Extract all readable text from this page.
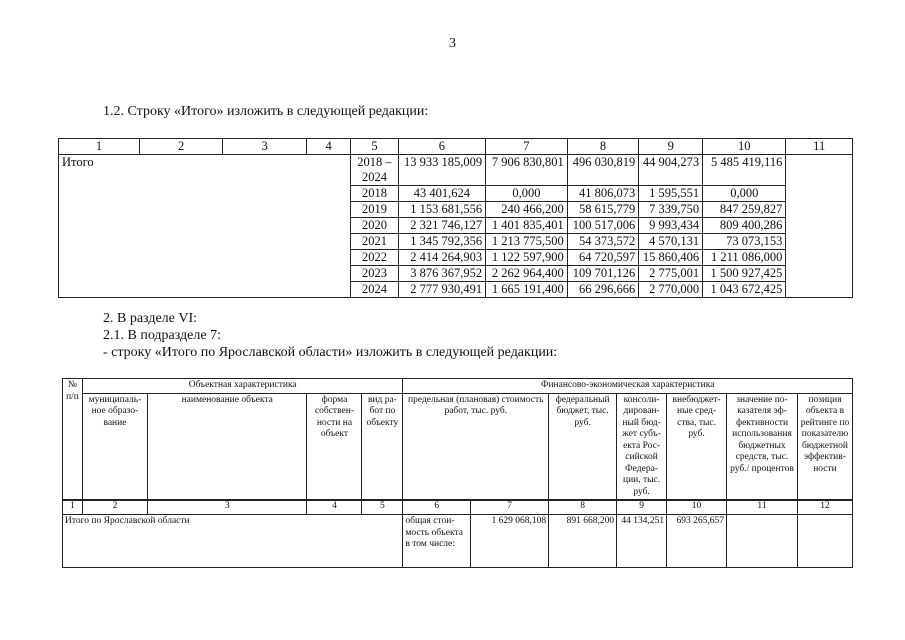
3
1.2. Строку «Итого» изложить в следующей редакции:
1	2	3	4	5	6	7	8	9	10	11
Итого				2018 – 2024	13 933 185,009	7 906 830,801	496 030,819	44 904,273	5 485 419,116	
				2018	43 401,624	0,000	41 806,073	1 595,551	0,000	
				2019	1 153 681,556	240 466,200	58 615,779	7 339,750	847 259,827	
				2020	2 321 746,127	1 401 835,401	100 517,006	9 993,434	809 400,286	
				2021	1 345 792,356	1 213 775,500	54 373,572	4 570,131	73 073,153	
				2022	2 414 264,903	1 122 597,900	64 720,597	15 860,406	1 211 086,000	
				2023	3 876 367,952	2 262 964,400	109 701,126	2 775,001	1 500 927,425	
				2024	2 777 930,491	1 665 191,400	66 296,666	2 770,000	1 043 672,425	
2. В разделе VI:
2.1. В подразделе 7:
- строку «Итого по Ярославской области» изложить в следующей редакции:
№ п/п	Объектная характеристика				Финансово-экономическая характеристика						
	муниципальное образование	наименование объекта	форма собственности на объект	вид работ по объекту	предельная (плановая) стоимость работ, тыс. руб.		федеральный бюджет, тыс. руб.	консолидированный бюджет субъекта Российской Федерации, тыс. руб.	внебюджетные средства, тыс. руб.	значение показателя эффективности использования бюджетных средств, тыс. руб./ процентов	позиция объекта в рейтинге по показателю бюджетной эффективности
1	2	3	4	5	6	7	8	9	10	11	12
Итого по Ярославской области					общая стоимость объекта в том числе:	1 629 068,108	891 668,200	44 134,251	693 265,657		
